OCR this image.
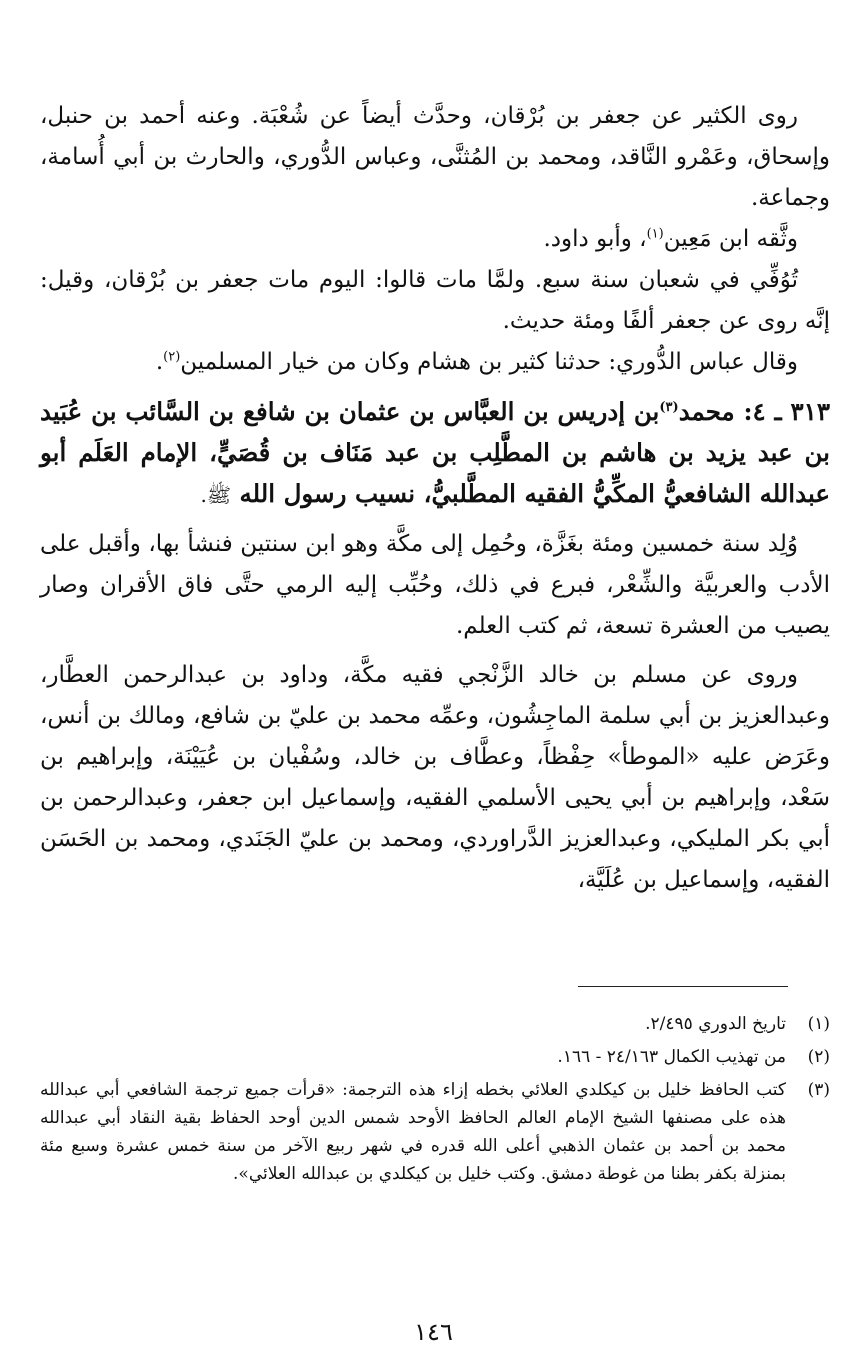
روى الكثير عن جعفر بن بُرْقان، وحدَّث أيضاً عن شُعْبَة. وعنه أحمد بن حنبل، وإسحاق، وعَمْرو النَّاقد، ومحمد بن المُثنَّى، وعباس الدُّوري، والحارث بن أبي أُسامة، وجماعة.

وثَّقه ابن مَعِين$^{(١)}$، وأبو داود.

تُوُفِّي في شعبان سنة سبع. ولمَّا مات قالوا: اليوم مات جعفر بن بُرْقان، وقيل: إنَّه روى عن جعفر ألفًا ومئة حديث.

وقال عباس الدُّوري: حدثنا كثير بن هشام وكان من خيار المسلمين$^{(٢)}$.

٣١٣ ـ ٤: محمد$^{(٣)}$بن إدريس بن العبَّاس بن عثمان بن شافع بن السَّائب بن عُبَيد بن عبد يزيد بن هاشم بن المطَّلِب بن عبد مَنَاف بن قُصَيٍّ، الإمام العَلَم أبو عبدالله الشافعيُّ المكِّيُّ الفقيه المطَّلبيُّ، نسيب رسول الله ﷺ.

وُلِد سنة خمسين ومئة بغَزَّة، وحُمِل إلى مكَّة وهو ابن سنتين فنشأ بها، وأقبل على الأدب والعربيَّة والشِّعْر، فبرع في ذلك، وحُبِّب إليه الرمي حتَّى فاق الأقران وصار يصيب من العشرة تسعة، ثم كتب العلم.

وروى عن مسلم بن خالد الزَّنْجي فقيه مكَّة، وداود بن عبدالرحمن العطَّار، وعبدالعزيز بن أبي سلمة الماجِشُون، وعمِّه محمد بن عليّ بن شافع، ومالك بن أنس، وعَرَض عليه «الموطأ» حِفْظاً، وعطَّاف بن خالد، وسُفْيان بن عُيَيْنَة، وإبراهيم بن سَعْد، وإبراهيم بن أبي يحيى الأسلمي الفقيه، وإسماعيل ابن جعفر، وعبدالرحمن بن أبي بكر المليكي، وعبدالعزيز الدَّراوردي، ومحمد بن عليّ الجَنَدي، ومحمد بن الحَسَن الفقيه، وإسماعيل بن عُلَيَّة،

(١)
تاريخ الدوري ٢/٤٩٥.
(٢)
من تهذيب الكمال ٢٤/١٦٣ - ١٦٦.
(٣)
كتب الحافظ خليل بن كيكلدي العلائي بخطه إزاء هذه الترجمة: «قرأت جميع ترجمة الشافعي أبي عبدالله هذه على مصنفها الشيخ الإمام العالم الحافظ الأوحد شمس الدين أوحد الحفاظ بقية النقاد أبي عبدالله محمد بن أحمد بن عثمان الذهبي أعلى الله قدره في شهر ربيع الآخر من سنة خمس عشرة وسبع مئة بمنزلة بكفر بطنا من غوطة دمشق. وكتب خليل بن كيكلدي بن عبدالله العلائي».
١٤٦
